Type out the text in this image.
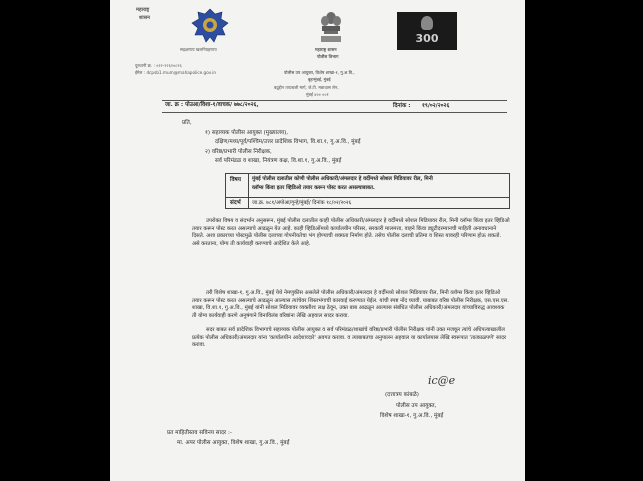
महाराष्ट्र
शासन
सद्रक्षणाय खलनिग्रहणाय
दूरध्वनी क्र. : ०२२-२२६२०८२६
ईमेल : dcpsb1.mum@mahapolice.gov.in
महाराष्ट्र शासन
पोलीस विभाग
पोलीस उप आयुक्त, विशेष शाखा-१, गु.अ.वि.,
बृहन्मुंबई, मुंबई
बद्रुद्दीन तय्यबजी मार्ग, जे.टी. मन्नाधास लेन,
मुंबई ४०० ००१
300
जा. क्र : पोउआ/विशा-१/वाचक/ ७७८/२०२६,	दिनांक : १९/०२/२०२६
प्रति,
१) सहाय्यक पोलीस आयुक्त (मुख्यालय),
दक्षिण/मध्य/पूर्व/पश्चिम/उत्तर प्रादेशिक विभाग, वि.शा.१, गु.अ.वि., मुंबई
२) वरिष्ठ/प्रभारी पोलीस निरीक्षक,
सर्व परिमंडळ व शाखा, नियंत्रण कक्ष, वि.शा.१, गु.अ.वि., मुंबई
विषय मुंबई पोलीस दलातील कोणी पोलीस अधिकारी/अंमलदार हे वर्दीमध्ये सोशल मिडियावर रील, मिनी
व्लॉग्स किंवा इतर व्हिडिओ तयार करून पोस्ट करत असल्याबाबत.
संदर्भ जा.क्र. ७८१/अपोआ/गुन्हे/मुंबई/ दिनांक १८/०२/२०२६
उपरोक्त विषय व संदर्भान अनुसरून, मुंबई पोलीस दलातील काही पोलीस अधिकारी/अंमलदार हे वर्दीमध्ये सोशल मिडियावर रील, मिनी व्लॉग्स किंवा इतर व्हिडिओ तयार करून पोस्ट करत असल्याचे आढळून येत आहे. काही व्हिडिओंमध्ये कार्यालयीन परिसर, सरकारी मालमत्ता, वाहने किंवा ड्युटीदरम्यानची माहिती अनावधानाने दिसते. अशा प्रकारच्या पोस्टमुळे पोलीस दलाच्या गोपनीयतेचा भंग होण्याची शक्यता निर्माण होते. तसेच पोलीस दलाची प्रतिमा व शिस्त यावरही परिणाम होऊ शकतो. असे करताना, योग्य ती कार्यवाही करण्याचे आदेशित केले आहे.
तरी विशेष शाखा-१, गु.अ.वि., मुंबई येथे नेमणुकीस असलेले पोलीस अधिकारी/अंमलदार हे वर्दीमध्ये सोशल मिडियावर रील, मिनी व्लॉग्स किंवा इतर व्हिडिओ तयार करून पोस्ट करत असल्याचे आढळून आल्यास त्यांचेवर शिस्तभंगाची कारवाई करण्यात येईल. यांची स्पष्ट नोंद घ्यावी. याबाबत वरिष्ठ पोलीस निरीक्षक, एस.एस.एस. शाखा, वि.शा.१, गु.अ.वि., मुंबई यांनी सोशल मिडियावर व्यक्तीशः लक्ष ठेवून, उक्त बाब आढळून आल्यास संबंधित पोलीस अधिकारी/अंमलदार यांच्याविरुद्ध आवश्यक ती योग्य कार्यवाही करणे अनुषंगाने विनाविलंब वरिष्ठांना लेखि अहवाल सादर करावा.
सदर बाबत सर्व प्रादेशिक विभागाचे सहाय्यक पोलीस आयुक्त व सर्व परिमंडळ/शाखांचे वरिष्ठ/प्रभारी पोलीस निरीक्षक यांनी उक्त मजकूर त्यांचे अधिपत्याखालील प्रत्येक पोलीस अधिकारी/अंमलदार यांना 'कार्यालयीन आदेशाव्दारे' अवगत करावा. व त्याबाबतचा अनुपालन अहवाल या कार्यालयास लेखि स्वरूपात 'तात्काळपणे' सादर करावा.
ic@e
(दत्तात्रय कांबळे)
पोलीस उप आयुक्त,
विशेष शाखा-१, गु.अ.वि., मुंबई
प्रत माहितीस्तव सविनय सादर :-
मा. अपर पोलीस आयुक्त, विशेष शाखा, गु.अ.वि., मुंबई
